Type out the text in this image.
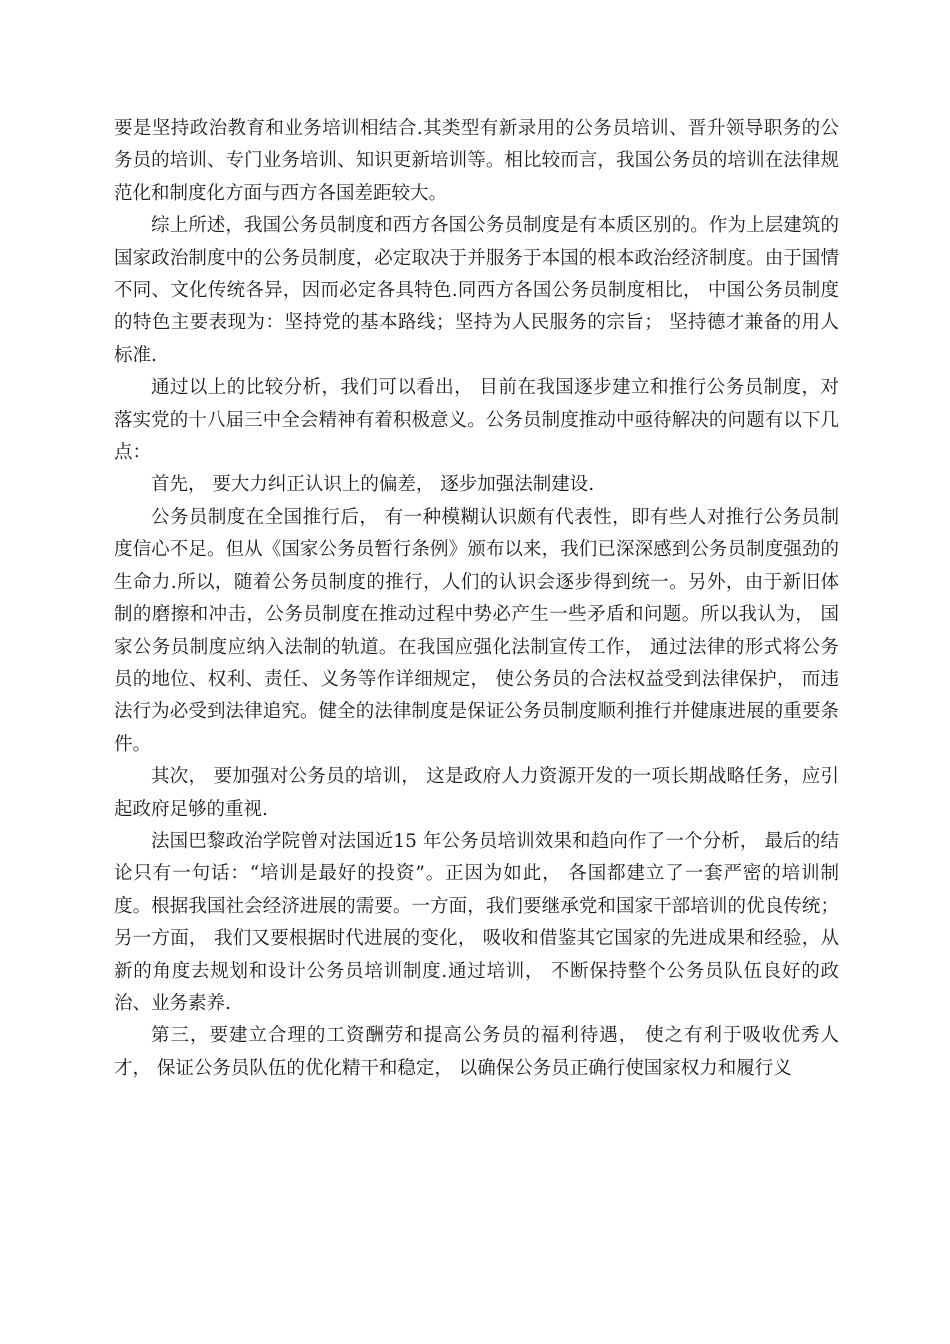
要是坚持政治教育和业务培训相结合.其类型有新录用的公务员培训、晋升领导职务的公务员的培训、专门业务培训、知识更新培训等。相比较而言，我国公务员的培训在法律规范化和制度化方面与西方各国差距较大。

综上所述，我国公务员制度和西方各国公务员制度是有本质区别的。作为上层建筑的国家政治制度中的公务员制度，必定取决于并服务于本国的根本政治经济制度。由于国情不同、文化传统各异，因而必定各具特色.同西方各国公务员制度相比， 中国公务员制度的特色主要表现为：坚持党的基本路线；坚持为人民服务的宗旨； 坚持德才兼备的用人标准.

通过以上的比较分析，我们可以看出， 目前在我国逐步建立和推行公务员制度，对落实党的十八届三中全会精神有着积极意义。公务员制度推动中亟待解决的问题有以下几点：

首先， 要大力纠正认识上的偏差， 逐步加强法制建设.

公务员制度在全国推行后， 有一种模糊认识颇有代表性，即有些人对推行公务员制度信心不足。但从《国家公务员暂行条例》颁布以来，我们已深深感到公务员制度强劲的生命力.所以，随着公务员制度的推行，人们的认识会逐步得到统一。另外，由于新旧体制的磨擦和冲击，公务员制度在推动过程中势必产生一些矛盾和问题。所以我认为， 国家公务员制度应纳入法制的轨道。在我国应强化法制宣传工作， 通过法律的形式将公务员的地位、权利、责任、义务等作详细规定， 使公务员的合法权益受到法律保护， 而违法行为必受到法律追究。健全的法律制度是保证公务员制度顺利推行并健康进展的重要条件。

其次， 要加强对公务员的培训， 这是政府人力资源开发的一项长期战略任务，应引起政府足够的重视.

法国巴黎政治学院曾对法国近15 年公务员培训效果和趋向作了一个分析， 最后的结论只有一句话：“培训是最好的投资”。正因为如此， 各国都建立了一套严密的培训制度。根据我国社会经济进展的需要。一方面，我们要继承党和国家干部培训的优良传统； 另一方面， 我们又要根据时代进展的变化， 吸收和借鉴其它国家的先进成果和经验，从新的角度去规划和设计公务员培训制度.通过培训， 不断保持整个公务员队伍良好的政治、业务素养.

第三，要建立合理的工资酬劳和提高公务员的福利待遇， 使之有利于吸收优秀人才， 保证公务员队伍的优化精干和稳定， 以确保公务员正确行使国家权力和履行义
